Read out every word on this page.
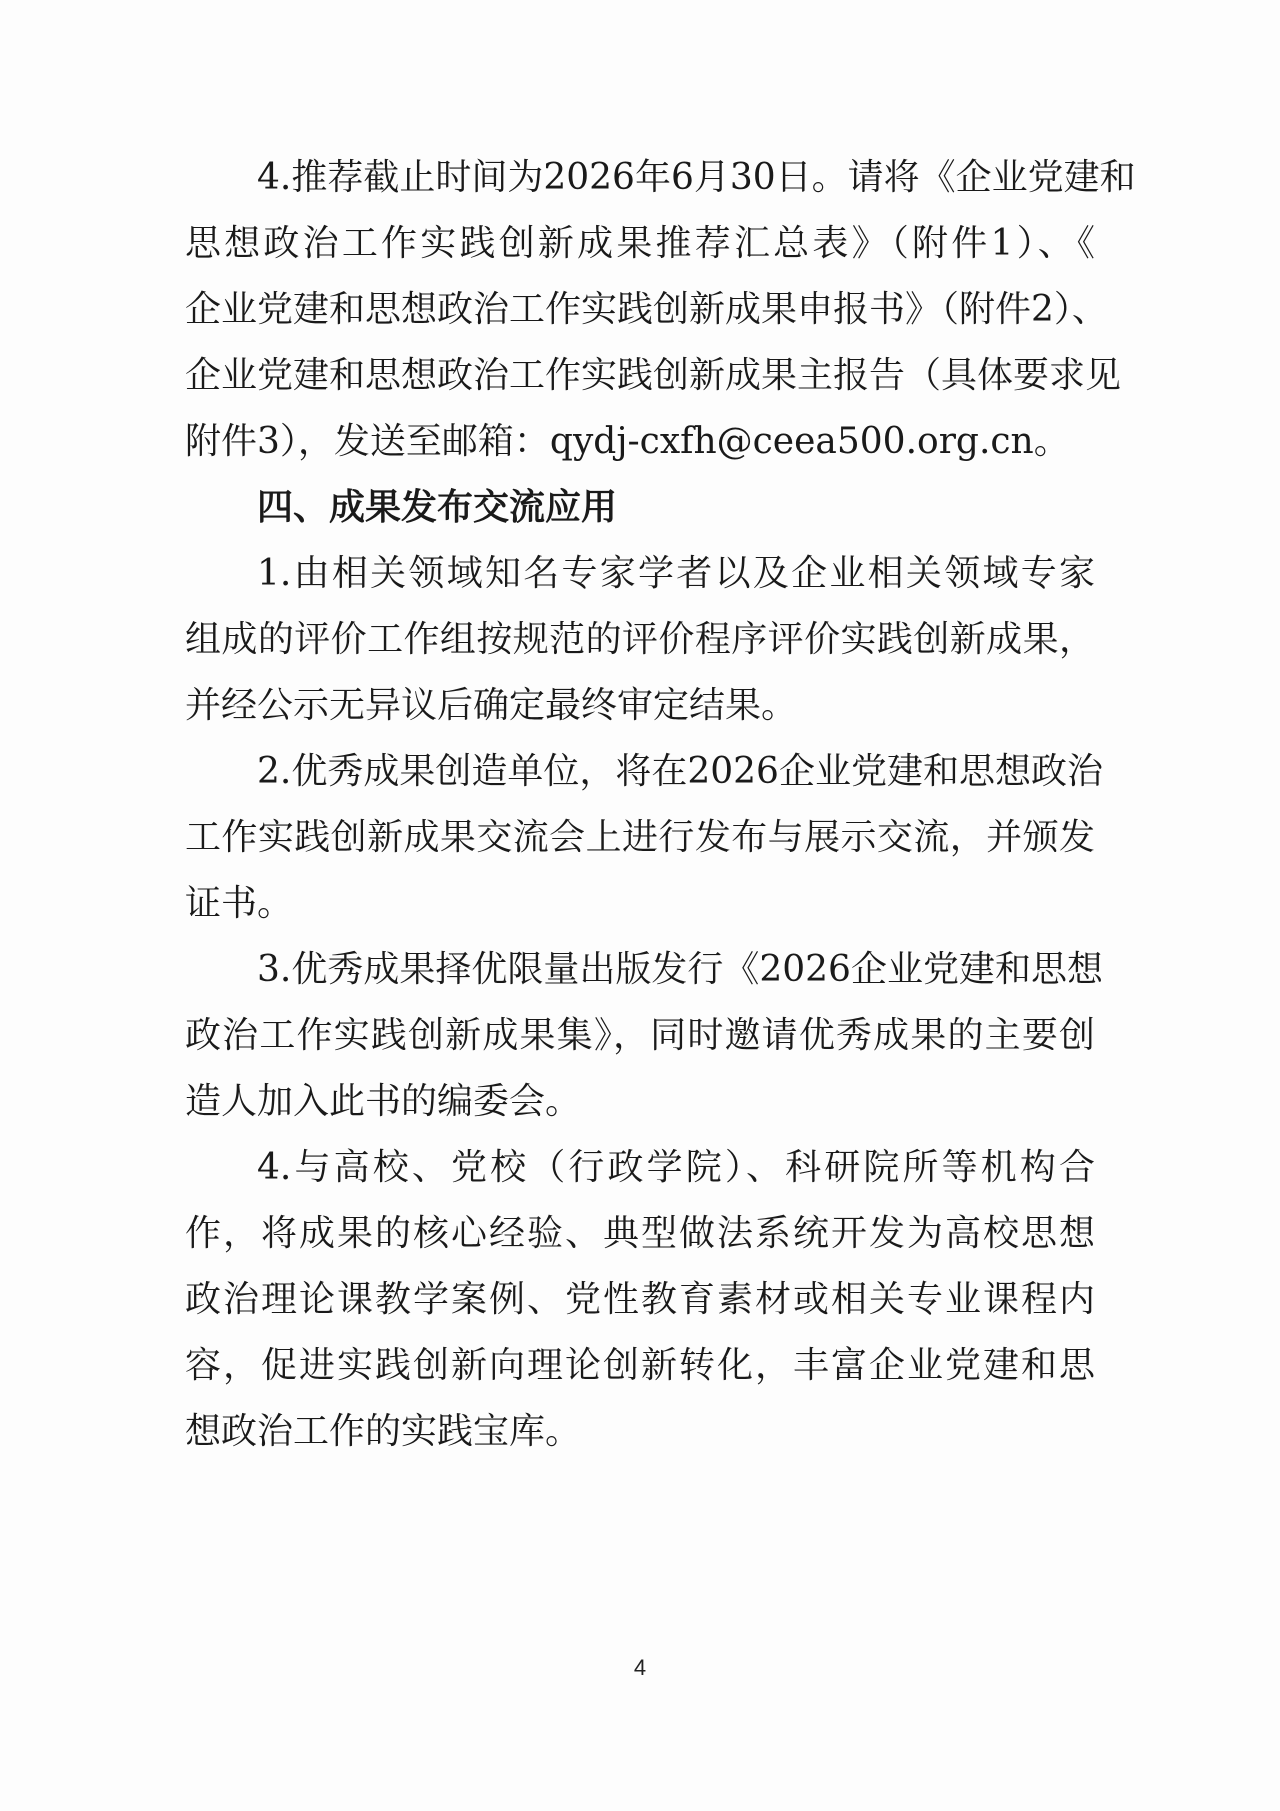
4.推荐截止时间为2026年6月30日。请将《企业党建和
思想政治工作实践创新成果推荐汇总表》（附件1）、《
企业党建和思想政治工作实践创新成果申报书》（附件2）、
企业党建和思想政治工作实践创新成果主报告（具体要求见
附件3），发送至邮箱：qydj-cxfh@ceea500.org.cn。
四、成果发布交流应用
1.由相关领域知名专家学者以及企业相关领域专家
组成的评价工作组按规范的评价程序评价实践创新成果，
并经公示无异议后确定最终审定结果。
2.优秀成果创造单位，将在2026企业党建和思想政治
工作实践创新成果交流会上进行发布与展示交流，并颁发
证书。
3.优秀成果择优限量出版发行《2026企业党建和思想
政治工作实践创新成果集》，同时邀请优秀成果的主要创
造人加入此书的编委会。
4.与高校、党校（行政学院）、科研院所等机构合
作，将成果的核心经验、典型做法系统开发为高校思想
政治理论课教学案例、党性教育素材或相关专业课程内
容，促进实践创新向理论创新转化，丰富企业党建和思
想政治工作的实践宝库。
4
